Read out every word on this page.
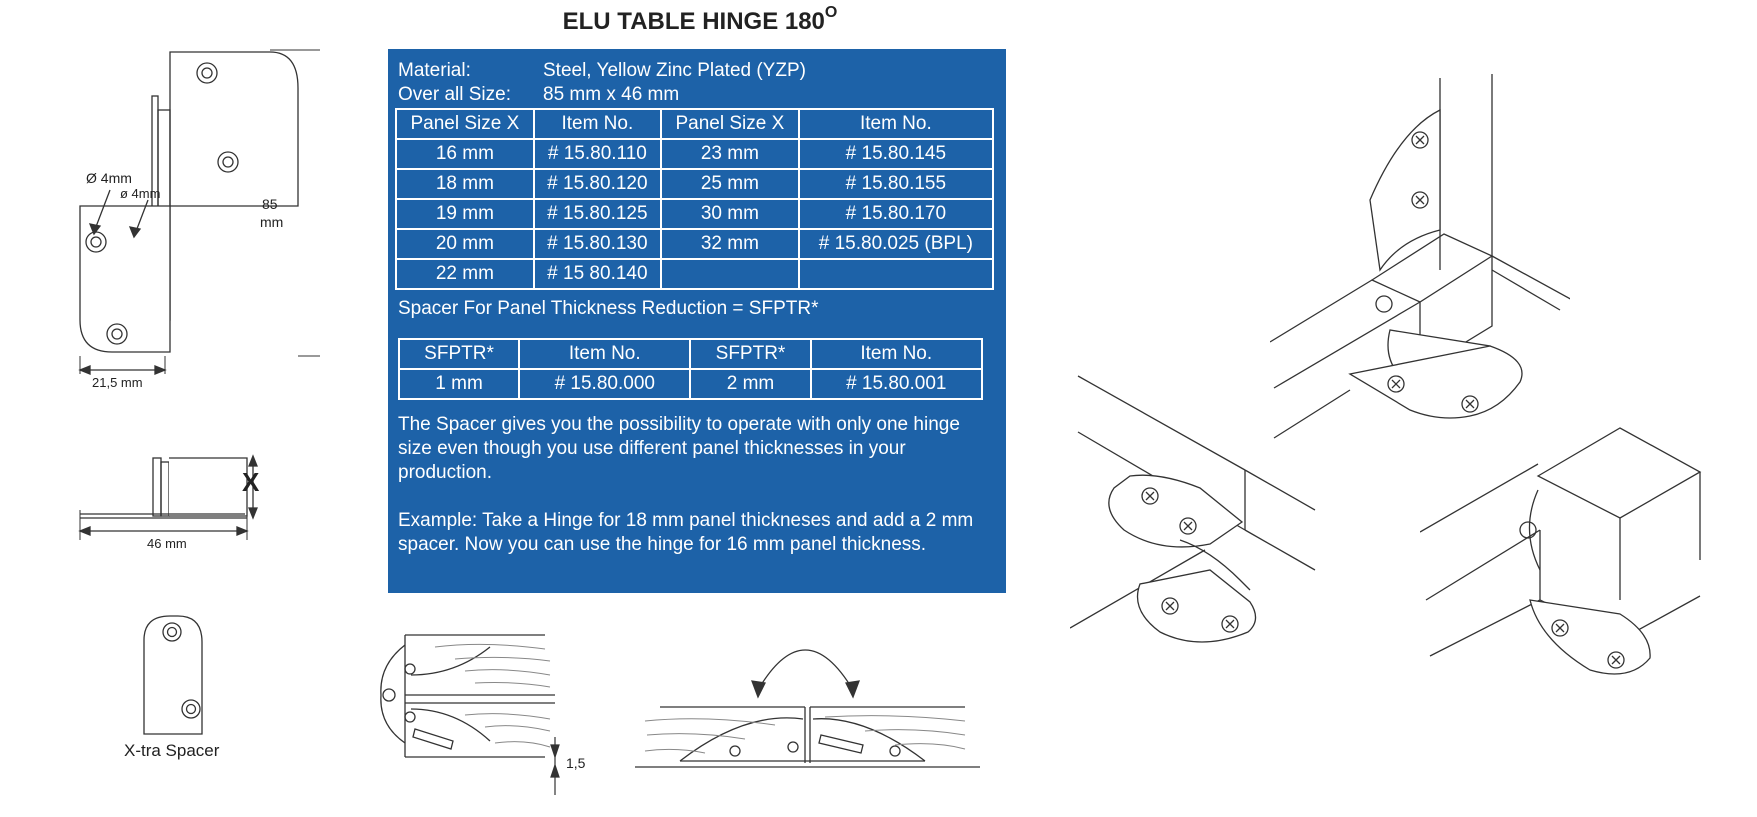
ELU TABLE HINGE $180^O$
Material:	Steel, Yellow Zinc Plated (YZP)
Over all Size: 85 mm x 46 mm
Panel Size X	Item No.	Panel Size X	Item No.
16 mm	# 15.80.110	23 mm	# 15.80.145
18 mm	# 15.80.120	25 mm	# 15.80.155
19 mm	# 15.80.125	30 mm	# 15.80.170
20 mm	# 15.80.130	32 mm	# 15.80.025 (BPL)
22 mm	# 15 80.140		
Spacer For Panel Thickness Reduction = SFPTR*
SFPTR*	Item No.	SFPTR*	Item No.
1 mm	# 15.80.000	2 mm	# 15.80.001
The Spacer gives you the possibility to operate with only one hinge size even though you use different panel thicknesses in your production.
Example: Take a Hinge for 18 mm panel thickneses and add a 2 mm spacer. Now you can use the hinge for 16 mm panel thickness.
Ø 4mm
ø 4mm
85
mm
21,5 mm
X
46 mm
X-tra Spacer
1,5
